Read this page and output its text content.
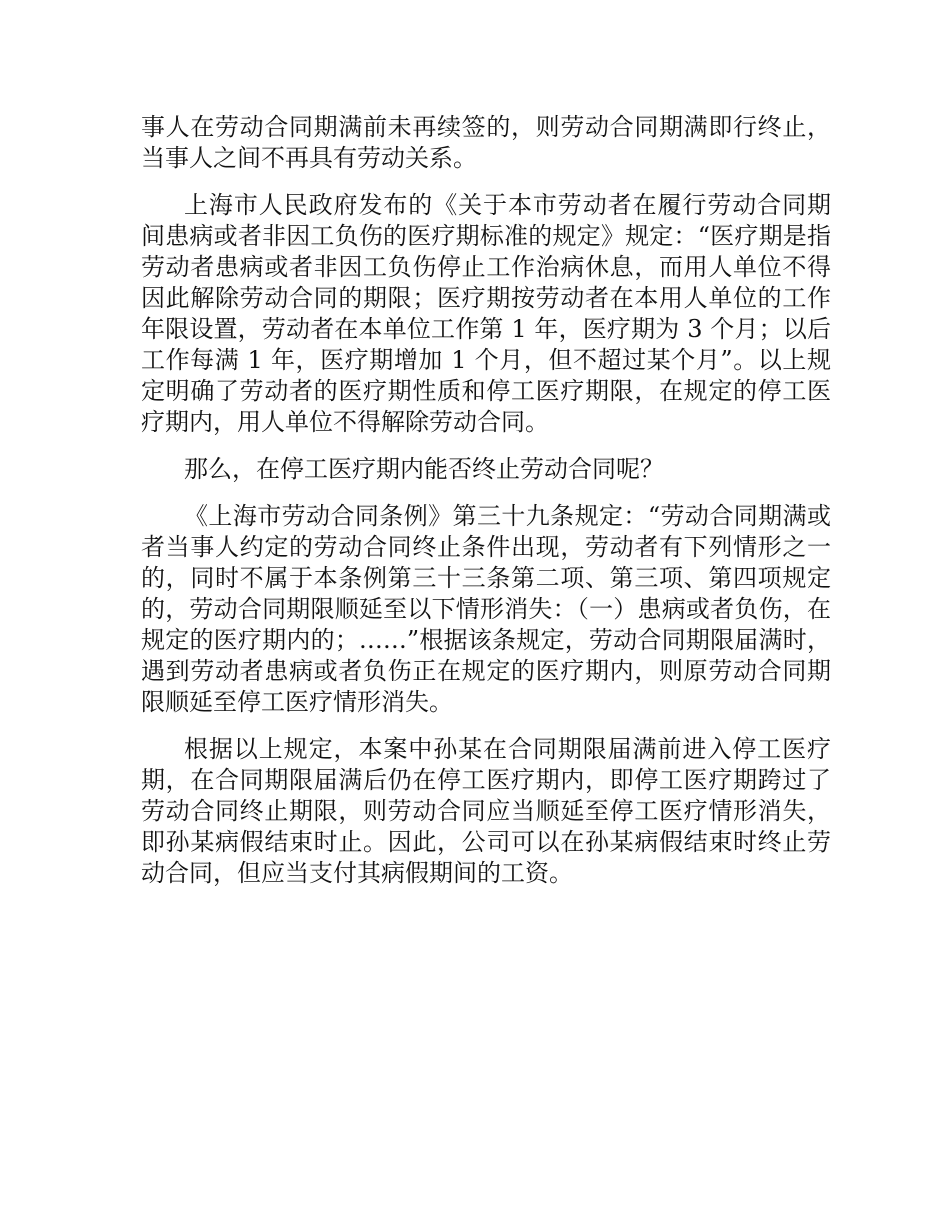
事人在劳动合同期满前未再续签的，则劳动合同期满即行终止，当事人之间不再具有劳动关系。

上海市人民政府发布的《关于本市劳动者在履行劳动合同期间患病或者非因工负伤的医疗期标准的规定》规定：“医疗期是指劳动者患病或者非因工负伤停止工作治病休息，而用人单位不得因此解除劳动合同的期限；医疗期按劳动者在本用人单位的工作年限设置，劳动者在本单位工作第 1 年，医疗期为 3 个月；以后工作每满 1 年，医疗期增加 1 个月，但不超过某个月”。以上规定明确了劳动者的医疗期性质和停工医疗期限，在规定的停工医疗期内，用人单位不得解除劳动合同。

那么，在停工医疗期内能否终止劳动合同呢？

《上海市劳动合同条例》第三十九条规定：“劳动合同期满或者当事人约定的劳动合同终止条件出现，劳动者有下列情形之一的，同时不属于本条例第三十三条第二项、第三项、第四项规定的，劳动合同期限顺延至以下情形消失：（一）患病或者负伤，在规定的医疗期内的；……”根据该条规定，劳动合同期限届满时，遇到劳动者患病或者负伤正在规定的医疗期内，则原劳动合同期限顺延至停工医疗情形消失。

根据以上规定，本案中孙某在合同期限届满前进入停工医疗期，在合同期限届满后仍在停工医疗期内，即停工医疗期跨过了劳动合同终止期限，则劳动合同应当顺延至停工医疗情形消失，即孙某病假结束时止。因此，公司可以在孙某病假结束时终止劳动合同，但应当支付其病假期间的工资。
